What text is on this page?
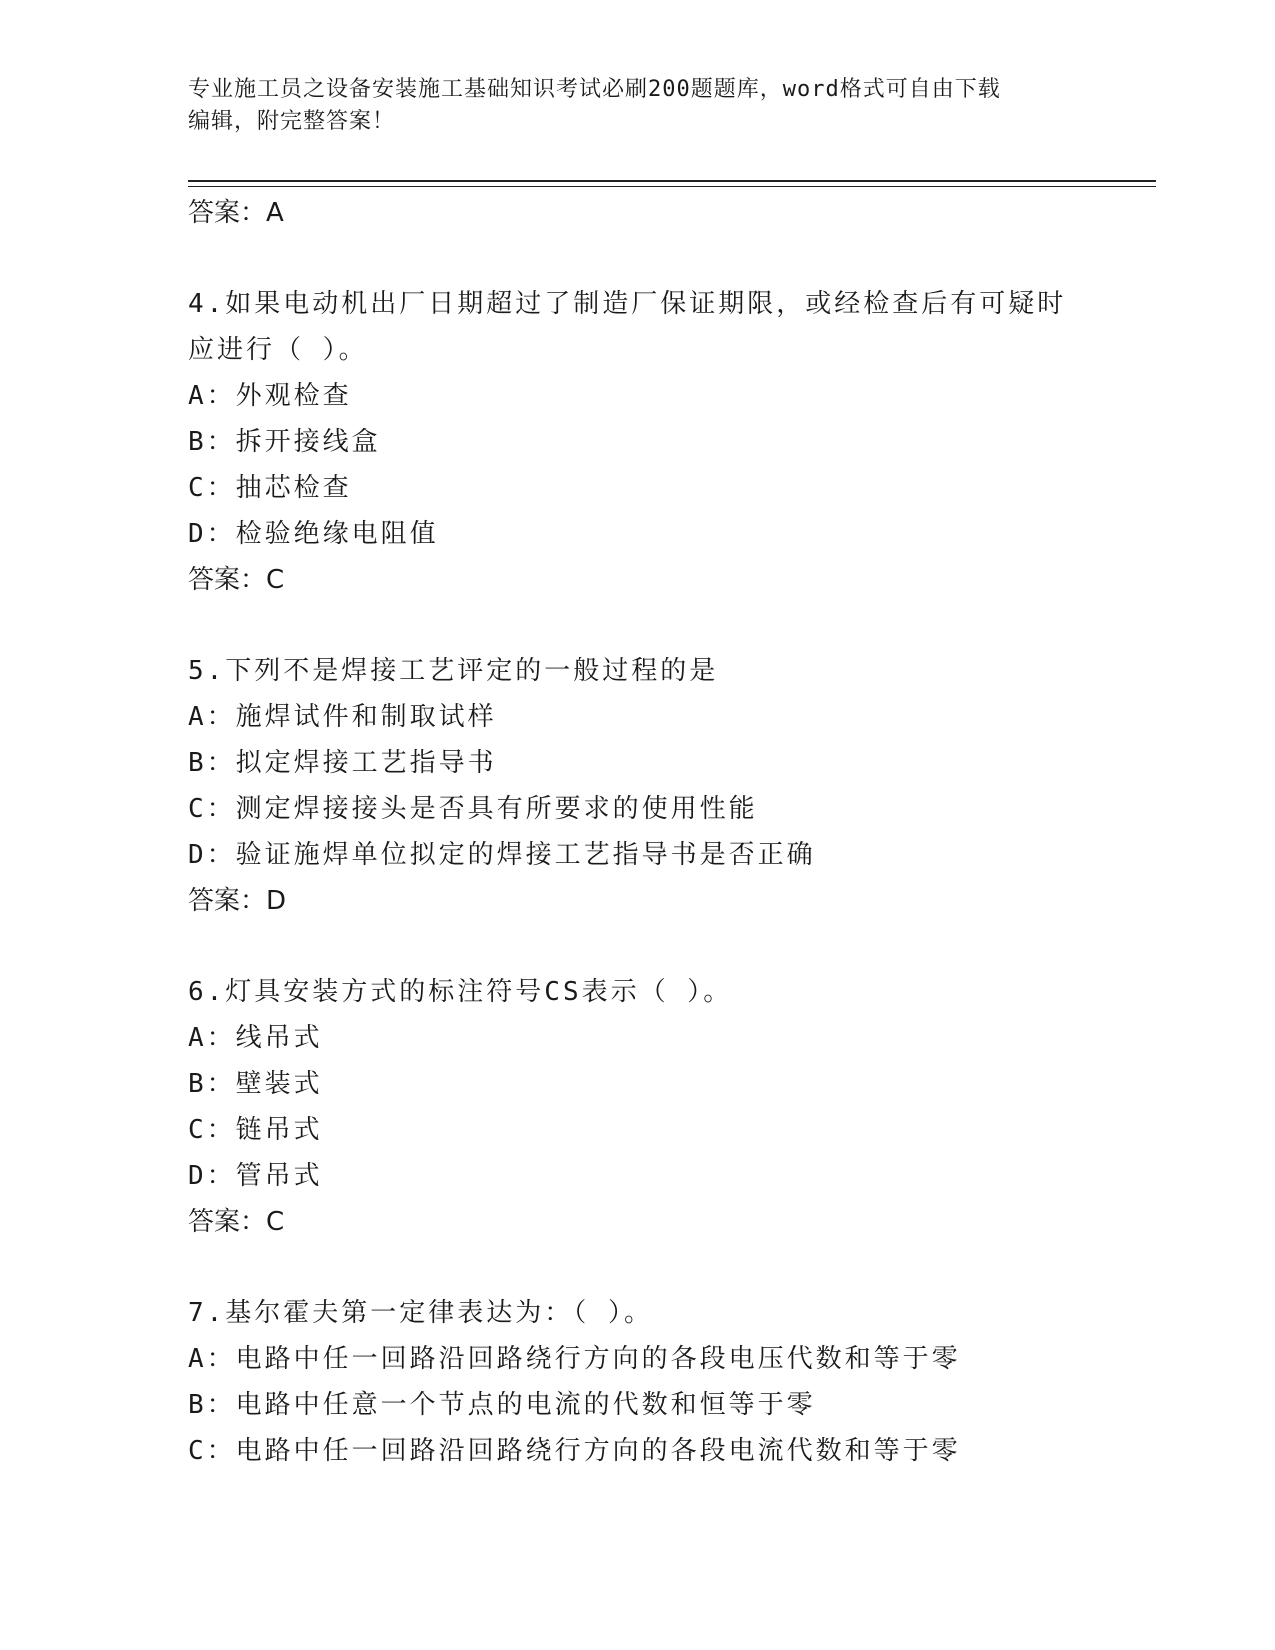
专业施工员之设备安装施工基础知识考试必刷200题题库，word格式可自由下载
编辑，附完整答案！
答案：A
4.如果电动机出厂日期超过了制造厂保证期限，或经检查后有可疑时
应进行（ ）。
A：外观检查
B：拆开接线盒
C：抽芯检查
D：检验绝缘电阻值
答案：C
5.下列不是焊接工艺评定的一般过程的是
A：施焊试件和制取试样
B：拟定焊接工艺指导书
C：测定焊接接头是否具有所要求的使用性能
D：验证施焊单位拟定的焊接工艺指导书是否正确
答案：D
6.灯具安装方式的标注符号CS表示（ ）。
A：线吊式
B：壁装式
C：链吊式
D：管吊式
答案：C
7.基尔霍夫第一定律表达为：（ ）。
A：电路中任一回路沿回路绕行方向的各段电压代数和等于零
B：电路中任意一个节点的电流的代数和恒等于零
C：电路中任一回路沿回路绕行方向的各段电流代数和等于零
